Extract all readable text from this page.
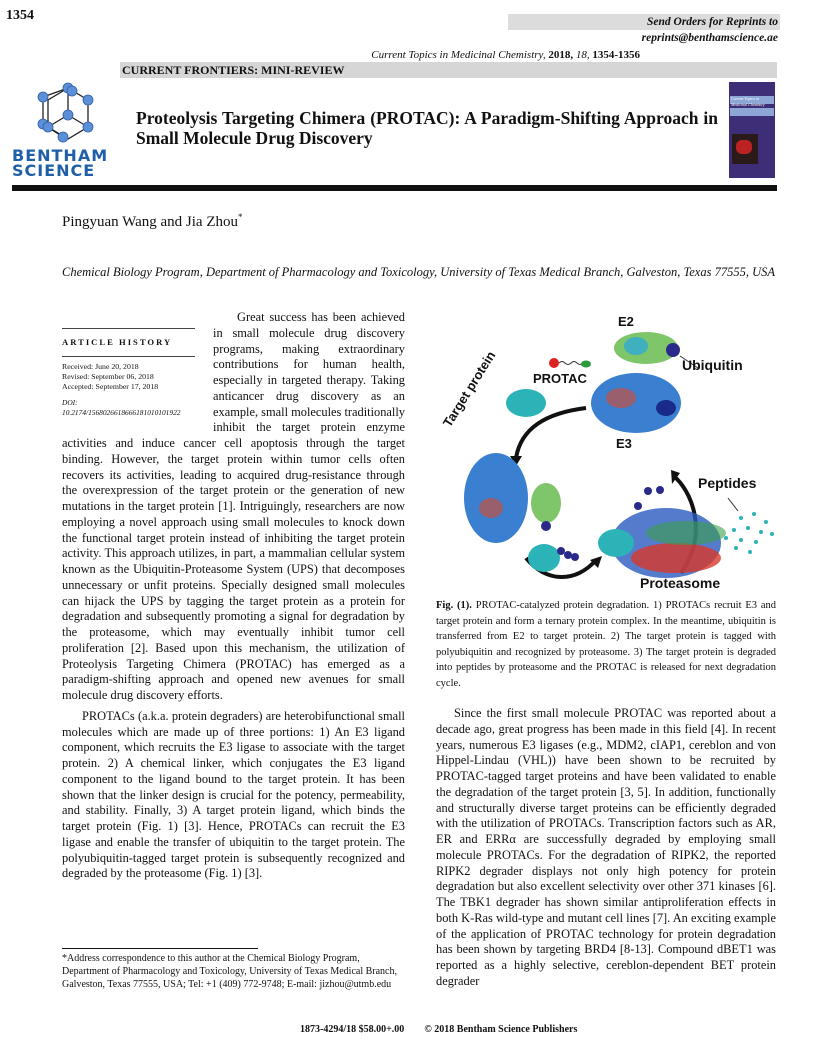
1354	Send Orders for Reprints to reprints@benthamscience.ae
Current Topics in Medicinal Chemistry, 2018, 18, 1354-1356
CURRENT FRONTIERS: MINI-REVIEW
BENTHAM SCIENCE
Proteolysis Targeting Chimera (PROTAC): A Paradigm-Shifting Approach in Small Molecule Drug Discovery
Current Topics in Medicinal Chemistry
Pingyuan Wang and Jia Zhou*
Chemical Biology Program, Department of Pharmacology and Toxicology, University of Texas Medical Branch, Galveston, Texas 77555, USA
ARTICLE HISTORY
Received: June 20, 2018
Revised: September 06, 2018
Accepted: September 17, 2018
DOI:
10.2174/1568026618666181010101922

Great success has been achieved in small molecule drug discovery programs, making extraordinary contributions for human health, especially in targeted therapy. Taking anticancer drug discovery as an example, small molecules traditionally inhibit the target protein enzyme activities and induce cancer cell apoptosis through the target binding. However, the target protein within tumor cells often recovers its activities, leading to acquired drug-resistance through the overexpression of the target protein or the generation of new mutations in the target protein [1]. Intriguingly, researchers are now employing a novel approach using small molecules to knock down the functional target protein instead of inhibiting the target protein activity. This approach utilizes, in part, a mammalian cellular system known as the Ubiquitin-Proteasome System (UPS) that decomposes unnecessary or unfit proteins. Specially designed small molecules can hijack the UPS by tagging the target protein as a protein for degradation and subsequently promoting a signal for degradation by the proteasome, which may eventually inhibit tumor cell proliferation [2]. Based upon this mechanism, the utilization of Proteolysis Targeting Chimera (PROTAC) has emerged as a paradigm-shifting approach and opened new avenues for small molecule drug discovery efforts.

PROTACs (a.k.a. protein degraders) are heterobifunctional small molecules which are made up of three portions: 1) An E3 ligand component, which recruits the E3 ligase to associate with the target protein. 2) A chemical linker, which conjugates the E3 ligand component to the ligand bound to the target protein. It has been shown that the linker design is crucial for the potency, permeability, and stability. Finally, 3) A target protein ligand, which binds the target protein (Fig. 1) [3]. Hence, PROTACs can recruit the E3 ligase and enable the transfer of ubiquitin to the target protein. The polyubiquitin-tagged target protein is subsequently recognized and degraded by the proteasome (Fig. 1) [3].

E2
Ubiquitin
PROTAC
Target protein
E3
Peptides
Proteasome
Fig. (1). PROTAC-catalyzed protein degradation. 1) PROTACs recruit E3 and target protein and form a ternary protein complex. In the meantime, ubiquitin is transferred from E2 to target protein. 2) The target protein is tagged with polyubiquitin and recognized by proteasome. 3) The target protein is degraded into peptides by proteasome and the PROTAC is released for next degradation cycle.

Since the first small molecule PROTAC was reported about a decade ago, great progress has been made in this field [4]. In recent years, numerous E3 ligases (e.g., MDM2, cIAP1, cereblon and von Hippel-Lindau (VHL)) have been shown to be recruited by PROTAC-tagged target proteins and have been validated to enable the degradation of the target protein [3, 5]. In addition, functionally and structurally diverse target proteins can be efficiently degraded with the utilization of PROTACs. Transcription factors such as AR, ER and ERRα are successfully degraded by employing small molecule PROTACs. For the degradation of RIPK2, the reported RIPK2 degrader displays not only high potency for protein degradation but also excellent selectivity over other 371 kinases [6]. The TBK1 degrader has shown similar antiproliferation effects in both K-Ras wild-type and mutant cell lines [7]. An exciting example of the application of PROTAC technology for protein degradation has been shown by targeting BRD4 [8-13]. Compound dBET1 was reported as a highly selective, cereblon-dependent BET protein degrader

*Address correspondence to this author at the Chemical Biology Program, Department of Pharmacology and Toxicology, University of Texas Medical Branch, Galveston, Texas 77555, USA; Tel: +1 (409) 772-9748; E-mail: jizhou@utmb.edu
1873-4294/18 $58.00+.00 © 2018 Bentham Science Publishers
